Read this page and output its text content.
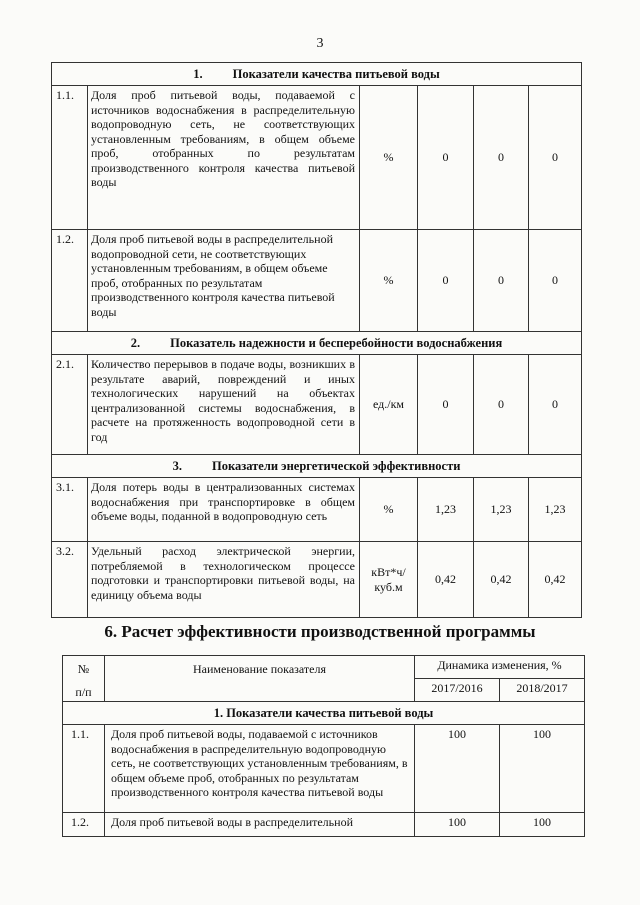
3
1. Показатели качества питьевой воды					
1.1.	Доля проб питьевой воды, подаваемой с источников водоснабжения в распределительную водопроводную сеть, не соответствующих установленным требованиям, в общем объеме проб, отобранных по результатам производственного контроля качества питьевой воды	%	0	0	0
1.2.	Доля проб питьевой воды в распределительной водопроводной сети, не соответствующих установленным требованиям, в общем объеме проб, отобранных по результатам производственного контроля качества питьевой воды	%	0	0	0
2. Показатель надежности и бесперебойности водоснабжения					
2.1.	Количество перерывов в подаче воды, возникших в результате аварий, повреждений и иных технологических нарушений на объектах централизованной системы водоснабжения, в расчете на протяженность водопроводной сети в год	ед./км	0	0	0
3. Показатели энергетической эффективности					
3.1.	Доля потерь воды в централизованных системах водоснабжения при транспортировке в общем объеме воды, поданной в водопроводную сеть	%	1,23	1,23	1,23
3.2.	Удельный расход электрической энергии, потребляемой в технологическом процессе подготовки и транспортировки питьевой воды, на единицу объема воды	кВт*ч/ куб.м	0,42	0,42	0,42
6. Расчет эффективности производственной программы
№
п/п	Наименование показателя	Динамика изменения, %	
		2017/2016	2018/2017
1. Показатели качества питьевой воды			
1.1.	Доля проб питьевой воды, подаваемой с источников водоснабжения в распределительную водопроводную сеть, не соответствующих установленным требованиям, в общем объеме проб, отобранных по результатам производственного контроля качества питьевой воды	100	100
1.2.	Доля проб питьевой воды в распределительной	100	100
